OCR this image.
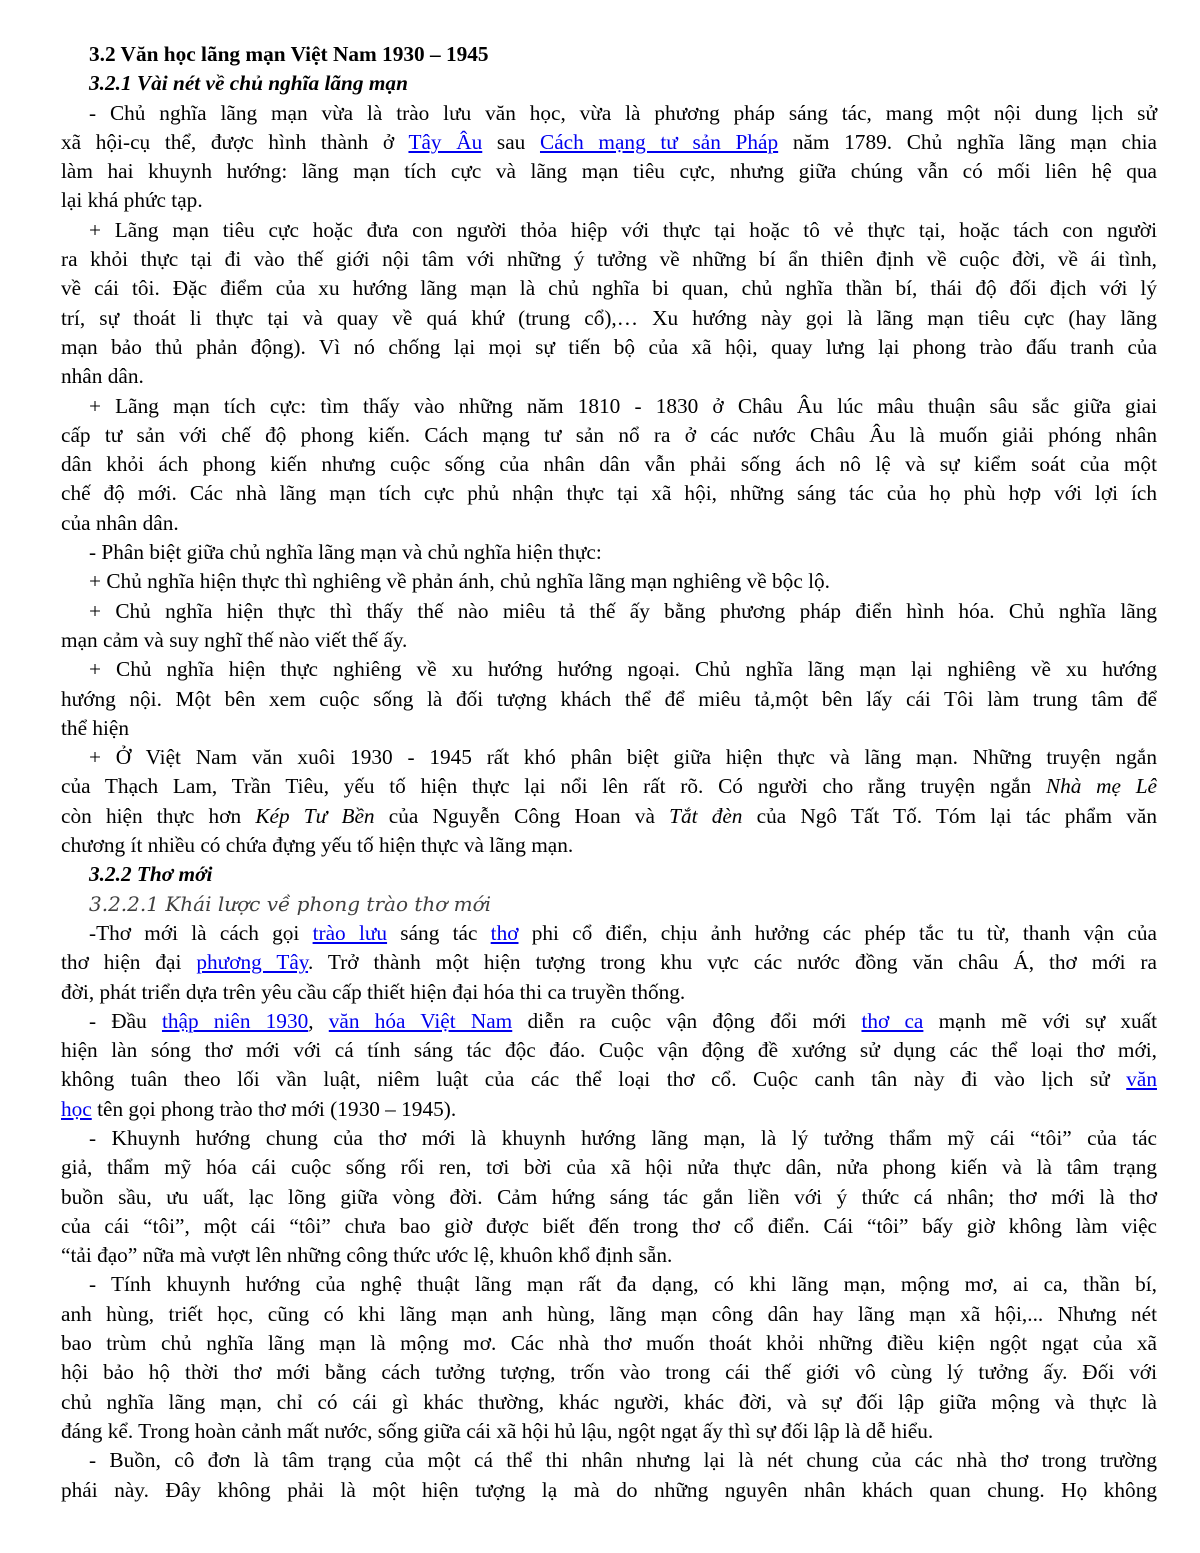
3.2 Văn học lãng mạn Việt Nam 1930 – 1945
3.2.1 Vài nét về chủ nghĩa lãng mạn
- Chủ nghĩa lãng mạn vừa là trào lưu văn học, vừa là phương pháp sáng tác, mang một nội dung lịch sử
xã hội-cụ thể, được hình thành ở Tây Âu sau Cách mạng tư sản Pháp năm 1789. Chủ nghĩa lãng mạn chia
làm hai khuynh hướng: lãng mạn tích cực và lãng mạn tiêu cực, nhưng giữa chúng vẫn có mối liên hệ qua
lại khá phức tạp.
+ Lãng mạn tiêu cực hoặc đưa con người thỏa hiệp với thực tại hoặc tô vẻ thực tại, hoặc tách con người
ra khỏi thực tại đi vào thế giới nội tâm với những ý tưởng về những bí ẩn thiên định về cuộc đời, về ái tình,
về cái tôi. Đặc điểm của xu hướng lãng mạn là chủ nghĩa bi quan, chủ nghĩa thần bí, thái độ đối địch với lý
trí, sự thoát li thực tại và quay về quá khứ (trung cổ),… Xu hướng này gọi là lãng mạn tiêu cực (hay lãng
mạn bảo thủ phản động). Vì nó chống lại mọi sự tiến bộ của xã hội, quay lưng lại phong trào đấu tranh của
nhân dân.
+ Lãng mạn tích cực: tìm thấy vào những năm 1810 - 1830 ở Châu Âu lúc mâu thuận sâu sắc giữa giai
cấp tư sản với chế độ phong kiến. Cách mạng tư sản nổ ra ở các nước Châu Âu là muốn giải phóng nhân
dân khỏi ách phong kiến nhưng cuộc sống của nhân dân vẫn phải sống ách nô lệ và sự kiểm soát của một
chế độ mới. Các nhà lãng mạn tích cực phủ nhận thực tại xã hội, những sáng tác của họ phù hợp với lợi ích
của nhân dân.
- Phân biệt giữa chủ nghĩa lãng mạn và chủ nghĩa hiện thực:
+ Chủ nghĩa hiện thực thì nghiêng về phản ánh, chủ nghĩa lãng mạn nghiêng về bộc lộ.
+ Chủ nghĩa hiện thực thì thấy thế nào miêu tả thế ấy bằng phương pháp điển hình hóa. Chủ nghĩa lãng
mạn cảm và suy nghĩ thế nào viết thế ấy.
+ Chủ nghĩa hiện thực nghiêng về xu hướng hướng ngoại. Chủ nghĩa lãng mạn lại nghiêng về xu hướng
hướng nội. Một bên xem cuộc sống là đối tượng khách thể để miêu tả,một bên lấy cái Tôi làm trung tâm để
thể hiện
+ Ở Việt Nam văn xuôi 1930 - 1945 rất khó phân biệt giữa hiện thực và lãng mạn. Những truyện ngắn
của Thạch Lam, Trần Tiêu, yếu tố hiện thực lại nổi lên rất rõ. Có người cho rằng truyện ngắn Nhà mẹ Lê
còn hiện thực hơn Kép Tư Bền của Nguyễn Công Hoan và Tắt đèn của Ngô Tất Tố. Tóm lại tác phẩm văn
chương ít nhiều có chứa đựng yếu tố hiện thực và lãng mạn.
3.2.2 Thơ mới
3.2.2.1 Khái lược về phong trào thơ mới
-Thơ mới là cách gọi trào lưu sáng tác thơ phi cổ điển, chịu ảnh hưởng các phép tắc tu từ, thanh vận của
thơ hiện đại phương Tây. Trở thành một hiện tượng trong khu vực các nước đồng văn châu Á, thơ mới ra
đời, phát triển dựa trên yêu cầu cấp thiết hiện đại hóa thi ca truyền thống.
- Đầu thập niên 1930, văn hóa Việt Nam diễn ra cuộc vận động đổi mới thơ ca mạnh mẽ với sự xuất
hiện làn sóng thơ mới với cá tính sáng tác độc đáo. Cuộc vận động đề xướng sử dụng các thể loại thơ mới,
không tuân theo lối vần luật, niêm luật của các thể loại thơ cổ. Cuộc canh tân này đi vào lịch sử văn
học tên gọi phong trào thơ mới (1930 – 1945).
- Khuynh hướng chung của thơ mới là khuynh hướng lãng mạn, là lý tưởng thẩm mỹ cái “tôi” của tác
giả, thẩm mỹ hóa cái cuộc sống rối ren, tơi bời của xã hội nửa thực dân, nửa phong kiến và là tâm trạng
buồn sầu, ưu uất, lạc lõng giữa vòng đời. Cảm hứng sáng tác gắn liền với ý thức cá nhân; thơ mới là thơ
của cái “tôi”, một cái “tôi” chưa bao giờ được biết đến trong thơ cổ điển. Cái “tôi” bấy giờ không làm việc
“tải đạo” nữa mà vượt lên những công thức ước lệ, khuôn khổ định sẵn.
- Tính khuynh hướng của nghệ thuật lãng mạn rất đa dạng, có khi lãng mạn, mộng mơ, ai ca, thần bí,
anh hùng, triết học, cũng có khi lãng mạn anh hùng, lãng mạn công dân hay lãng mạn xã hội,... Nhưng nét
bao trùm chủ nghĩa lãng mạn là mộng mơ. Các nhà thơ muốn thoát khỏi những điều kiện ngột ngạt của xã
hội bảo hộ thời thơ mới bằng cách tưởng tượng, trốn vào trong cái thế giới vô cùng lý tưởng ấy. Đối với
chủ nghĩa lãng mạn, chỉ có cái gì khác thường, khác người, khác đời, và sự đối lập giữa mộng và thực là
đáng kể. Trong hoàn cảnh mất nước, sống giữa cái xã hội hủ lậu, ngột ngạt ấy thì sự đối lập là dễ hiểu.
- Buồn, cô đơn là tâm trạng của một cá thể thi nhân nhưng lại là nét chung của các nhà thơ trong trường
phái này. Đây không phải là một hiện tượng lạ mà do những nguyên nhân khách quan chung. Họ không
